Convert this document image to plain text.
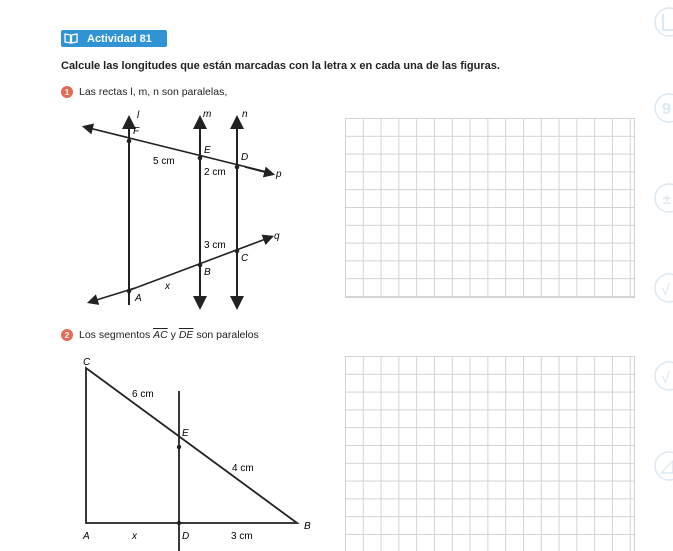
Actividad 81
Calcule las longitudes que están marcadas con la letra x en cada una de las figuras.
1 Las rectas l, m, n son paralelas,
l	m	n
p
q
F
E
D
C
B
A
5 cm
2 cm
3 cm
x
2 Los segmentos $\overline{AC}$ y $\overline{DE}$ son paralelos
C
E
A	D
B
6 cm
4 cm
x	3 cm
9
±
√
√
